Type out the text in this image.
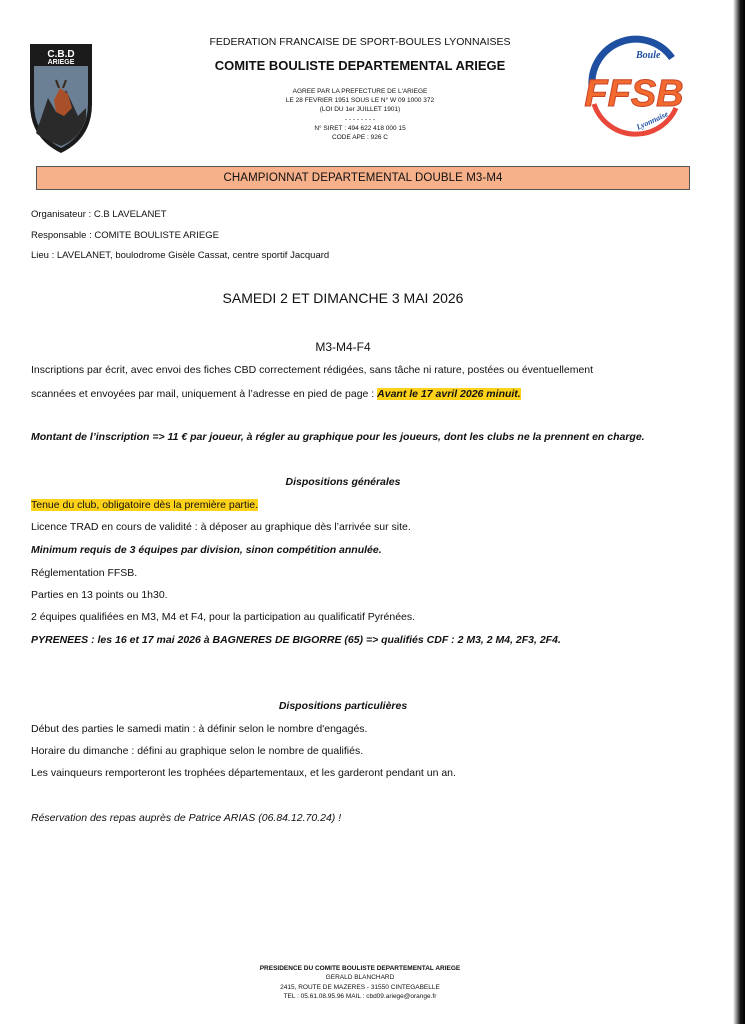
C.B.D
ARIEGE
Boule
FFSB
Lyonnaise
FEDERATION FRANCAISE DE SPORT-BOULES LYONNAISES
COMITE BOULISTE DEPARTEMENTAL ARIEGE
AGREE PAR LA PREFECTURE DE L'ARIEGE
LE 28 FEVRIER 1951 SOUS LE N° W 09 1000 372
(LOI DU 1er JUILLET 1901)
- - - - - - - -
N° SIRET : 494 622 418 000 15
CODE APE : 926 C
CHAMPIONNAT DEPARTEMENTAL DOUBLE M3-M4
Organisateur : C.B LAVELANET
Responsable : COMITE BOULISTE ARIEGE
Lieu : LAVELANET, boulodrome Gisèle Cassat, centre sportif Jacquard
SAMEDI 2 ET DIMANCHE 3 MAI 2026
M3-M4-F4
Inscriptions par écrit, avec envoi des fiches CBD correctement rédigées, sans tâche ni rature, postées ou éventuellement
scannées et envoyées par mail, uniquement à l’adresse en pied de page : Avant le 17 avril 2026 minuit.
Montant de l’inscription => 11 € par joueur, à régler au graphique pour les joueurs, dont les clubs ne la prennent en charge.
Dispositions générales
Tenue du club, obligatoire dès la première partie.
Licence TRAD en cours de validité : à déposer au graphique dès l’arrivée sur site.
Minimum requis de 3 équipes par division, sinon compétition annulée.
Réglementation FFSB.
Parties en 13 points ou 1h30.
2 équipes qualifiées en M3, M4 et F4, pour la participation au qualificatif Pyrénées.
PYRENEES : les 16 et 17 mai 2026 à BAGNERES DE BIGORRE (65) => qualifiés CDF : 2 M3, 2 M4, 2F3, 2F4.
Dispositions particulières
Début des parties le samedi matin : à définir selon le nombre d'engagés.
Horaire du dimanche : défini au graphique selon le nombre de qualifiés.
Les vainqueurs remporteront les trophées départementaux, et les garderont pendant un an.
Réservation des repas auprès de Patrice ARIAS (06.84.12.70.24) !
PRESIDENCE DU COMITE BOULISTE DEPARTEMENTAL ARIEGE
GERALD BLANCHARD
2415, ROUTE DE MAZERES - 31550 CINTEGABELLE
TEL : 05.61.08.95.96 MAIL : cbd09.ariege@orange.fr
